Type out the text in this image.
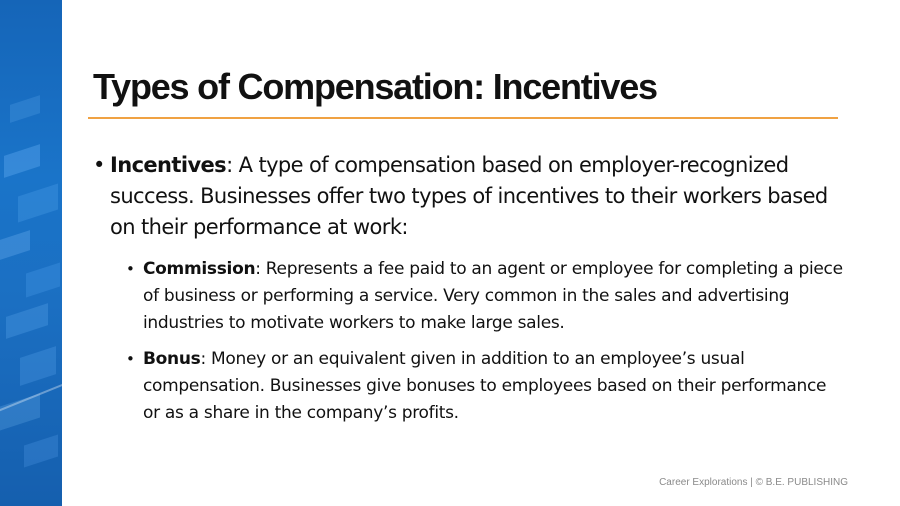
Types of Compensation: Incentives

• Incentives: A type of compensation based on employer-recognized success. Businesses offer two types of incentives to their workers based on their performance at work:

• Commission: Represents a fee paid to an agent or employee for completing a piece of business or performing a service. Very common in the sales and advertising industries to motivate workers to make large sales.

• Bonus: Money or an equivalent given in addition to an employee’s usual compensation. Businesses give bonuses to employees based on their performance or as a share in the company’s profits.

Career Explorations | © B.E. PUBLISHING
